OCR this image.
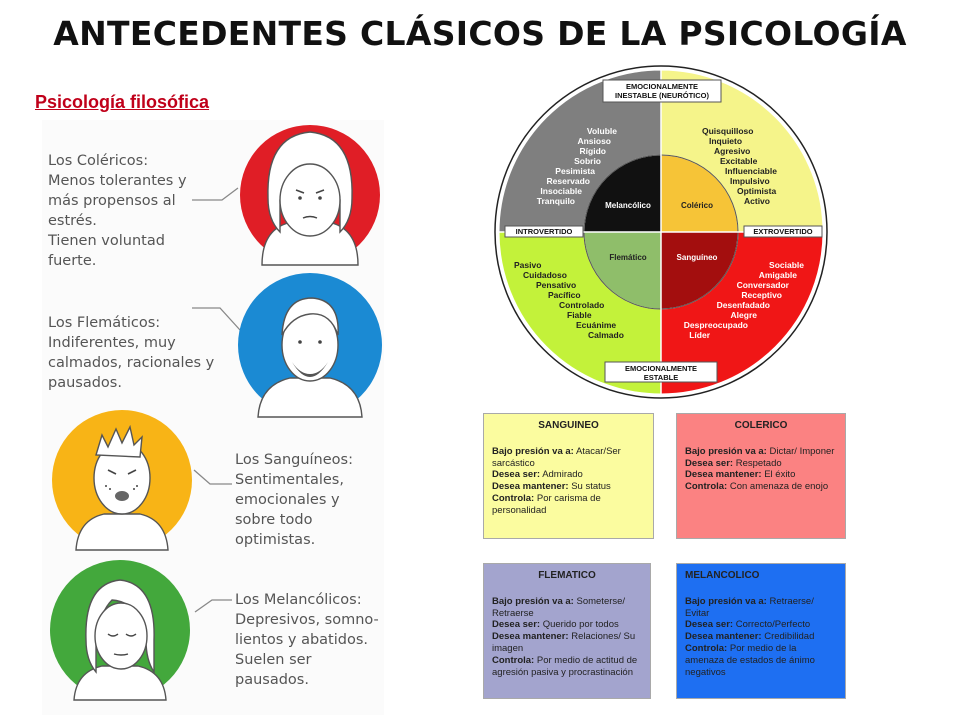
ANTECEDENTES CLÁSICOS DE LA PSICOLOGÍA
Psicología filosófica
Los Coléricos:
Menos tolerantes y más propensos al estrés.
Tienen voluntad fuerte.
Los Flemáticos:
Indiferentes, muy calmados, racionales y pausados.
Los Sanguíneos:
Sentimentales, emocionales y sobre todo optimistas.
Los Melancólicos:
Depresivos, somno-lientos y abatidos.
Suelen ser pausados.
Melancólico	Colérico
Flemático	Sanguíneo
Voluble
Ansioso
Rígido
Sobrio
Pesimista
Reservado
Insociable
Tranquilo
Quisquilloso
Inquieto
Agresivo
Excitable
Influenciable
Impulsivo
Optimista
Activo
Pasivo
Cuidadoso
Pensativo
Pacífico
Controlado
Fiable
Ecuánime
Calmado
Sociable
Amigable
Conversador
Receptivo
Desenfadado
Alegre
Despreocupado
Líder
EMOCIONALMENTE
INESTABLE (NEURÓTICO)
EMOCIONALMENTE
ESTABLE
INTROVERTIDO	EXTROVERTIDO
SANGUINEO
Bajo presión va a: Atacar/Ser sarcástico
Desea ser: Admirado
Desea mantener: Su status
Controla: Por carisma de personalidad
COLERICO
Bajo presión va a: Dictar/ Imponer
Desea ser: Respetado
Desea mantener: El éxito
Controla: Con amenaza de enojo
FLEMATICO
Bajo presión va a: Someterse/ Retraerse
Desea ser: Querido por todos
Desea mantener: Relaciones/ Su imagen
Controla: Por medio de actitud de agresión pasiva y procrastinación
MELANCOLICO
Bajo presión va a: Retraerse/ Evitar
Desea ser: Correcto/Perfecto
Desea mantener: Credibilidad
Controla: Por medio de la amenaza de estados de ánimo negativos
